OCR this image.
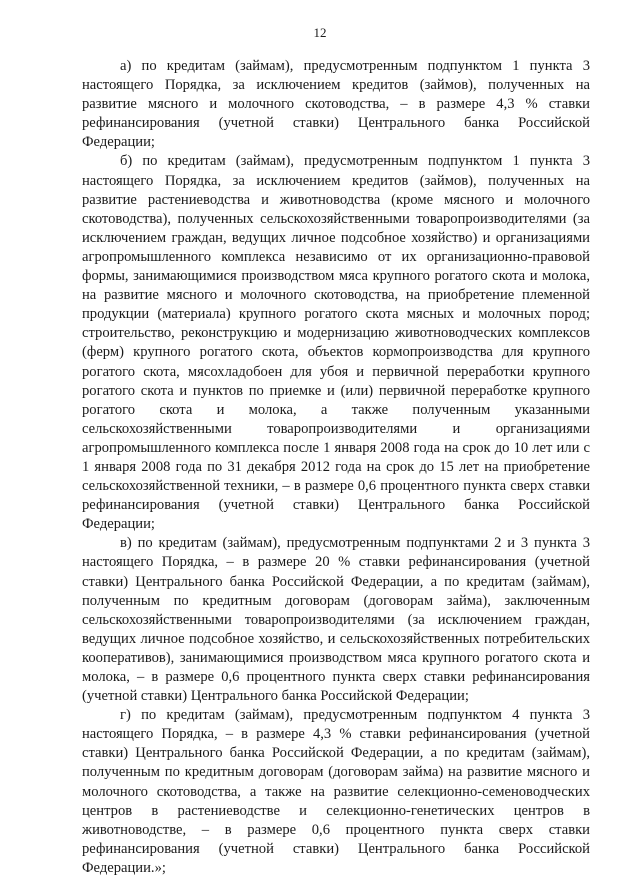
12

а) по кредитам (займам), предусмотренным подпунктом 1 пункта 3 настоящего Порядка, за исключением кредитов (займов), полученных на развитие мясного и молочного скотоводства, – в размере 4,3 % ставки рефинансирования (учетной ставки) Центрального банка Российской Федерации;

б) по кредитам (займам), предусмотренным подпунктом 1 пункта 3 настоящего Порядка, за исключением кредитов (займов), полученных на развитие растениеводства и животноводства (кроме мясного и молочного скотоводства), полученных сельскохозяйственными товаропроизводителями (за исключением граждан, ведущих личное подсобное хозяйство) и организациями агропромышленного комплекса независимо от их организационно-правовой формы, занимающимися производством мяса крупного рогатого скота и молока, на развитие мясного и молочного скотоводства, на приобретение племенной продукции (материала) крупного рогатого скота мясных и молочных пород; строительство, реконструкцию и модернизацию животноводческих комплексов (ферм) крупного рогатого скота, объектов кормопроизводства для крупного рогатого скота, мясохладобоен для убоя и первичной переработки крупного рогатого скота и пунктов по приемке и (или) первичной переработке крупного рогатого скота и молока, а также полученным указанными сельскохозяйственными товаропроизводителями и организациями агропромышленного комплекса после 1 января 2008 года на срок до 10 лет или с 1 января 2008 года по 31 декабря 2012 года на срок до 15 лет на приобретение сельскохозяйственной техники, – в размере 0,6 процентного пункта сверх ставки рефинансирования (учетной ставки) Центрального банка Российской Федерации;

в) по кредитам (займам), предусмотренным подпунктами 2 и 3 пункта 3 настоящего Порядка, – в размере 20 % ставки рефинансирования (учетной ставки) Центрального банка Российской Федерации, а по кредитам (займам), полученным по кредитным договорам (договорам займа), заключенным сельскохозяйственными товаропроизводителями (за исключением граждан, ведущих личное подсобное хозяйство, и сельскохозяйственных потребительских кооперативов), занимающимися производством мяса крупного рогатого скота и молока, – в размере 0,6 процентного пункта сверх ставки рефинансирования (учетной ставки) Центрального банка Российской Федерации;

г) по кредитам (займам), предусмотренным подпунктом 4 пункта 3 настоящего Порядка, – в размере 4,3 % ставки рефинансирования (учетной ставки) Центрального банка Российской Федерации, а по кредитам (займам), полученным по кредитным договорам (договорам займа) на развитие мясного и молочного скотоводства, а также на развитие селекционно-семеноводческих центров в растениеводстве и селекционно-генетических центров в животноводстве, – в размере 0,6 процентного пункта сверх ставки рефинансирования (учетной ставки) Центрального банка Российской Федерации.»;
